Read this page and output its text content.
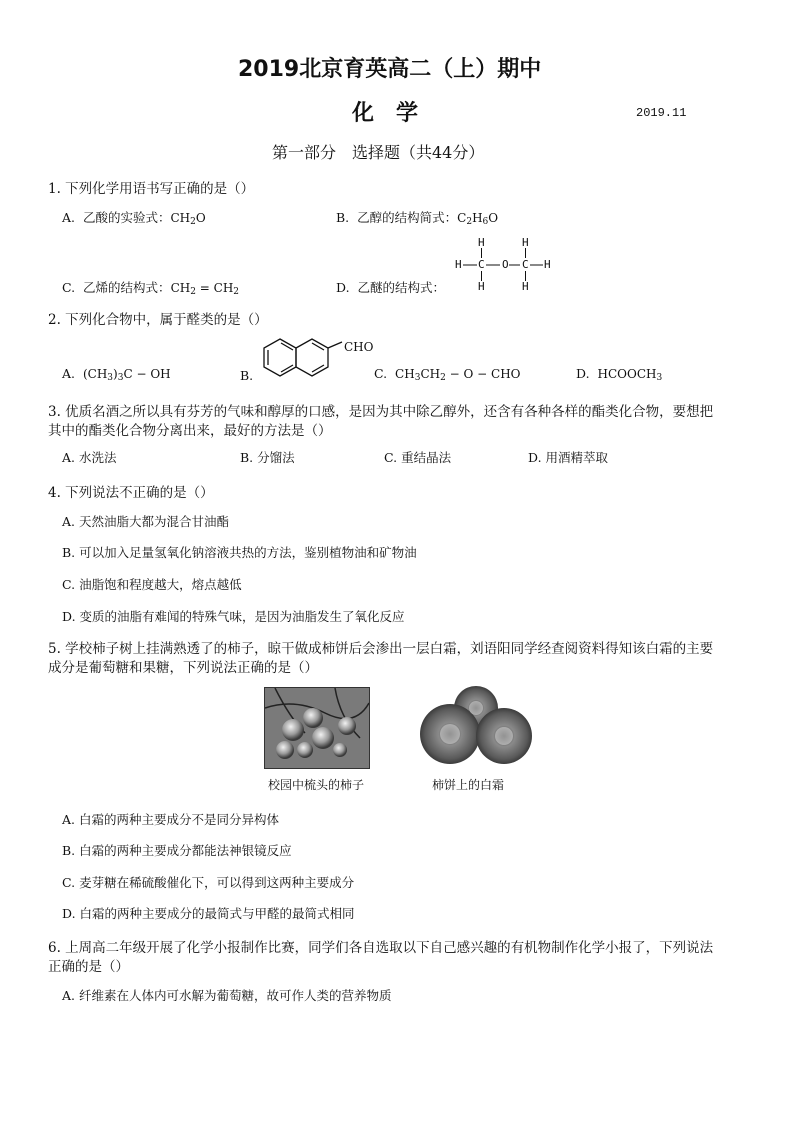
2019北京育英高二（上）期中
化　学	2019.11
第一部分　选择题（共44分）
1. 下列化学用语书写正确的是（）
A. 乙酸的实验式：$CH_2O$	B. 乙醇的结构简式：$C_2H_6O$
H	H
H C O C H
H	H
C. 乙烯的结构式：$CH_2 = CH_2$	D. 乙醚的结构式：
2. 下列化合物中，属于醛类的是（）
CHO
A. $(CH_3)_3C$ − OH	B.	C. $CH_3CH_2 - O$ − CHO	D. $HCOOCH_3$
3. 优质名酒之所以具有芬芳的气味和醇厚的口感，是因为其中除乙醇外，还含有各种各样的酯类化合物，要想把
其中的酯类化合物分离出来，最好的方法是（）
A. 水洗法	B. 分馏法	C. 重结晶法	D. 用酒精萃取
4. 下列说法不正确的是（）
A. 天然油脂大都为混合甘油酯
B. 可以加入足量氢氧化钠溶液共热的方法，鉴别植物油和矿物油
C. 油脂饱和程度越大，熔点越低
D. 变质的油脂有难闻的特殊气味，是因为油脂发生了氧化反应
5. 学校柿子树上挂满熟透了的柿子，晾干做成柿饼后会渗出一层白霜，刘语阳同学经查阅资料得知该白霜的主要
成分是葡萄糖和果糖，下列说法正确的是（）
校园中梳头的柿子	柿饼上的白霜
A. 白霜的两种主要成分不是同分异构体
B. 白霜的两种主要成分都能法神银镜反应
C. 麦芽糖在稀硫酸催化下，可以得到这两种主要成分
D. 白霜的两种主要成分的最简式与甲醛的最简式相同
6. 上周高二年级开展了化学小报制作比赛，同学们各自选取以下自己感兴趣的有机物制作化学小报了，下列说法
正确的是（）
A. 纤维素在人体内可水解为葡萄糖，故可作人类的营养物质
